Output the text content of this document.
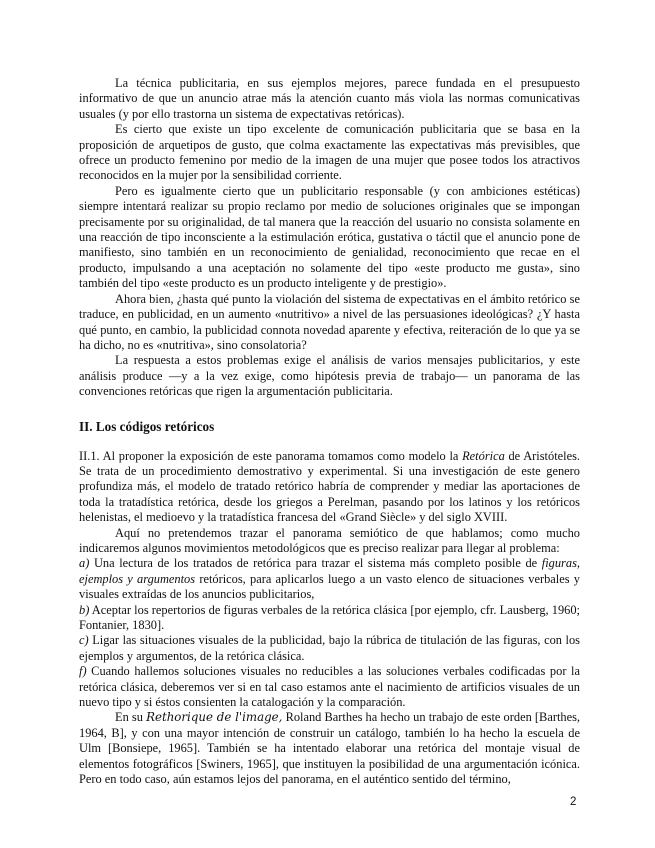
La técnica publicitaria, en sus ejemplos mejores, parece fundada en el presupuesto informativo de que un anuncio atrae más la atención cuanto más viola las normas comunicativas usuales (y por ello trastorna un sistema de expectativas retóricas).

Es cierto que existe un tipo excelente de comunicación publicitaria que se basa en la proposición de arquetipos de gusto, que colma exactamente las expectativas más previsibles, que ofrece un producto femenino por medio de la imagen de una mujer que posee todos los atractivos reconocidos en la mujer por la sensibilidad corriente.

Pero es igualmente cierto que un publicitario responsable (y con ambiciones estéticas) siempre intentará realizar su propio reclamo por medio de soluciones originales que se impongan precisamente por su originalidad, de tal manera que la reacción del usuario no consista solamente en una reacción de tipo inconsciente a la estimulación erótica, gustativa o táctil que el anuncio pone de manifiesto, sino también en un reconocimiento de genialidad, reconocimiento que recae en el producto, impulsando a una aceptación no solamente del tipo «este producto me gusta», sino también del tipo «este producto es un producto inteligente y de prestigio».

Ahora bien, ¿hasta qué punto la violación del sistema de expectativas en el ámbito retórico se traduce, en publicidad, en un aumento «nutritivo» a nivel de las persuasiones ideológicas? ¿Y hasta qué punto, en cambio, la publicidad connota novedad aparente y efectiva, reiteración de lo que ya se ha dicho, no es «nutritiva», sino consolatoria?

La respuesta a estos problemas exige el análisis de varios mensajes publicitarios, y este análisis produce —y a la vez exige, como hipótesis previa de trabajo— un panorama de las convenciones retóricas que rigen la argumentación publicitaria.

II. Los códigos retóricos

II.1. Al proponer la exposición de este panorama tomamos como modelo la Retórica de Aristóteles. Se trata de un procedimiento demostrativo y experimental. Si una investigación de este genero profundiza más, el modelo de tratado retórico habría de comprender y mediar las aportaciones de toda la tratadística retórica, desde los griegos a Perelman, pasando por los latinos y los retóricos helenistas, el medioevo y la tratadística francesa del «Grand Siècle» y del siglo XVIII.

Aquí no pretendemos trazar el panorama semiótico de que hablamos; como mucho indicaremos algunos movimientos metodológicos que es preciso realizar para llegar al problema:

a) Una lectura de los tratados de retórica para trazar el sistema más completo posible de figuras, ejemplos y argumentos retóricos, para aplicarlos luego a un vasto elenco de situaciones verbales y visuales extraídas de los anuncios publicitarios,

b) Aceptar los repertorios de figuras verbales de la retórica clásica [por ejemplo, cfr. Lausberg, 1960; Fontanier, 1830].

c) Ligar las situaciones visuales de la publicidad, bajo la rúbrica de titulación de las figuras, con los ejemplos y argumentos, de la retórica clásica.

f) Cuando hallemos soluciones visuales no reducibles a las soluciones verbales codificadas por la retórica clásica, deberemos ver si en tal caso estamos ante el nacimiento de artificios visuales de un nuevo tipo y si éstos consienten la catalogación y la comparación.

En su Rethorique de l'image, Roland Barthes ha hecho un trabajo de este orden [Barthes, 1964, B], y con una mayor intención de construir un catálogo, también lo ha hecho la escuela de Ulm [Bonsiepe, 1965]. También se ha intentado elaborar una retórica del montaje visual de elementos fotográficos [Swiners, 1965], que instituyen la posibilidad de una argumentación icónica. Pero en todo caso, aún estamos lejos del panorama, en el auténtico sentido del término,

2
